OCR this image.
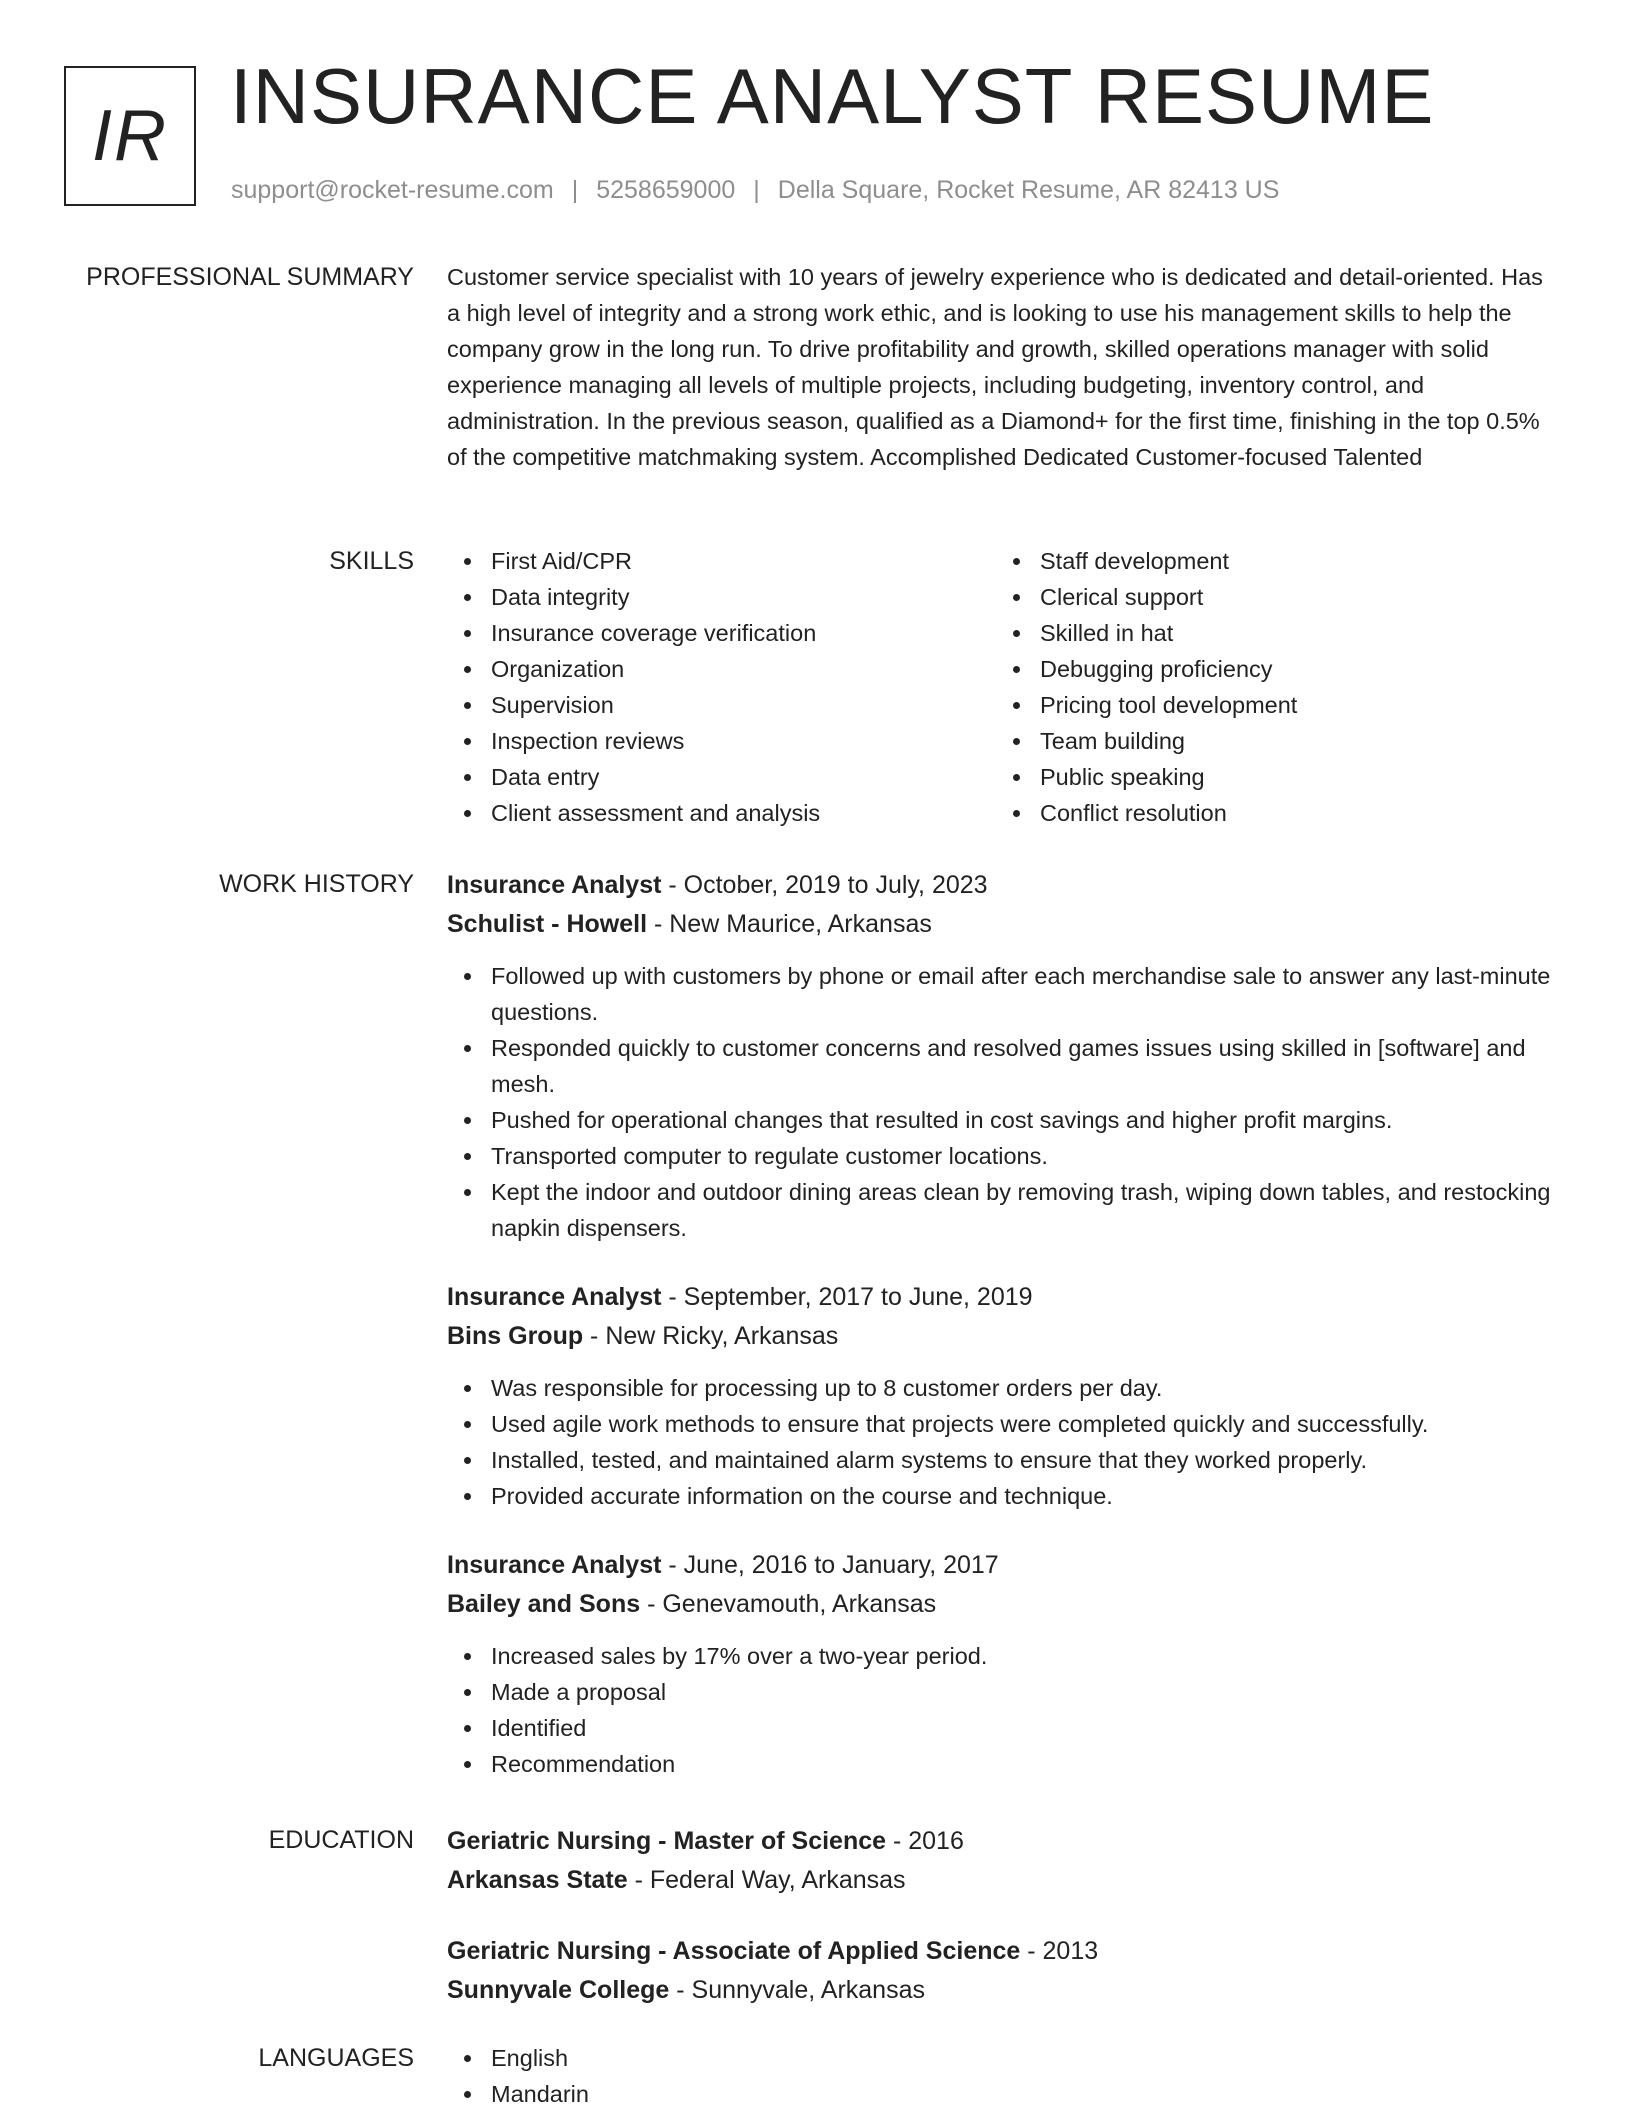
IR INSURANCE ANALYST RESUME
support@rocket-resume.com | 5258659000 | Della Square, Rocket Resume, AR 82413 US
PROFESSIONAL SUMMARY Customer service specialist with 10 years of jewelry experience who is dedicated and detail-oriented. Has a high level of integrity and a strong work ethic, and is looking to use his management skills to help the company grow in the long run. To drive profitability and growth, skilled operations manager with solid experience managing all levels of multiple projects, including budgeting, inventory control, and administration. In the previous season, qualified as a Diamond+ for the first time, finishing in the top 0.5% of the competitive matchmaking system. Accomplished Dedicated Customer-focused Talented

SKILLS	First Aid/CPR
Data integrity
Insurance coverage verification
Organization
Supervision
Inspection reviews
Data entry
Client assessment and analysis
Staff development
Clerical support
Skilled in hat
Debugging proficiency
Pricing tool development
Team building
Public speaking
Conflict resolution
WORK HISTORY Insurance Analyst - October, 2019 to July, 2023
Schulist - Howell - New Maurice, Arkansas
Followed up with customers by phone or email after each merchandise sale to answer any last-minute questions.
Responded quickly to customer concerns and resolved games issues using skilled in [software] and mesh.
Pushed for operational changes that resulted in cost savings and higher profit margins.
Transported computer to regulate customer locations.
Kept the indoor and outdoor dining areas clean by removing trash, wiping down tables, and restocking napkin dispensers.
Insurance Analyst - September, 2017 to June, 2019
Bins Group - New Ricky, Arkansas
Was responsible for processing up to 8 customer orders per day.
Used agile work methods to ensure that projects were completed quickly and successfully.
Installed, tested, and maintained alarm systems to ensure that they worked properly.
Provided accurate information on the course and technique.
Insurance Analyst - June, 2016 to January, 2017
Bailey and Sons - Genevamouth, Arkansas
Increased sales by 17% over a two-year period.
Made a proposal
Identified
Recommendation
EDUCATION Geriatric Nursing - Master of Science - 2016
Arkansas State - Federal Way, Arkansas
Geriatric Nursing - Associate of Applied Science - 2013
Sunnyvale College - Sunnyvale, Arkansas
LANGUAGES	English
Mandarin
